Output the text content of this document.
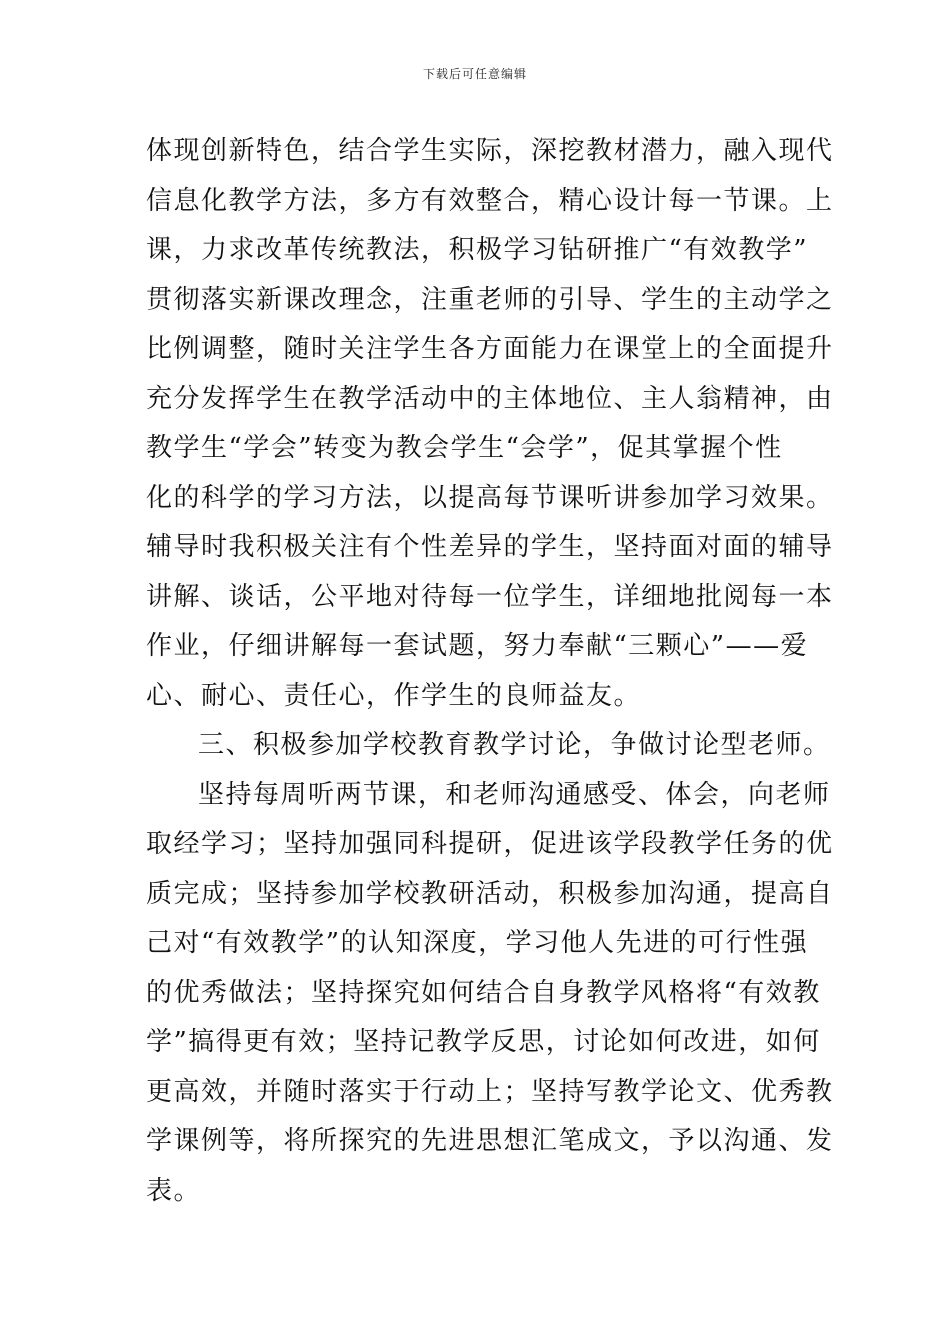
下载后可任意编辑
体现创新特色，结合学生实际，深挖教材潜力，融入现代
信息化教学方法，多方有效整合，精心设计每一节课。上
课，力求改革传统教法，积极学习钻研推广“有效教学”
贯彻落实新课改理念，注重老师的引导、学生的主动学之
比例调整，随时关注学生各方面能力在课堂上的全面提升
充分发挥学生在教学活动中的主体地位、主人翁精神，由
教学生“学会”转变为教会学生“会学”，促其掌握个性
化的科学的学习方法，以提高每节课听讲参加学习效果。
辅导时我积极关注有个性差异的学生，坚持面对面的辅导
讲解、谈话，公平地对待每一位学生，详细地批阅每一本
作业，仔细讲解每一套试题，努力奉献“三颗心”——爱
心、耐心、责任心，作学生的良师益友。
三、积极参加学校教育教学讨论，争做讨论型老师。
坚持每周听两节课，和老师沟通感受、体会，向老师
取经学习；坚持加强同科提研，促进该学段教学任务的优
质完成；坚持参加学校教研活动，积极参加沟通，提高自
己对“有效教学”的认知深度，学习他人先进的可行性强
的优秀做法；坚持探究如何结合自身教学风格将“有效教
学”搞得更有效；坚持记教学反思，讨论如何改进，如何
更高效，并随时落实于行动上；坚持写教学论文、优秀教
学课例等，将所探究的先进思想汇笔成文，予以沟通、发
表。
